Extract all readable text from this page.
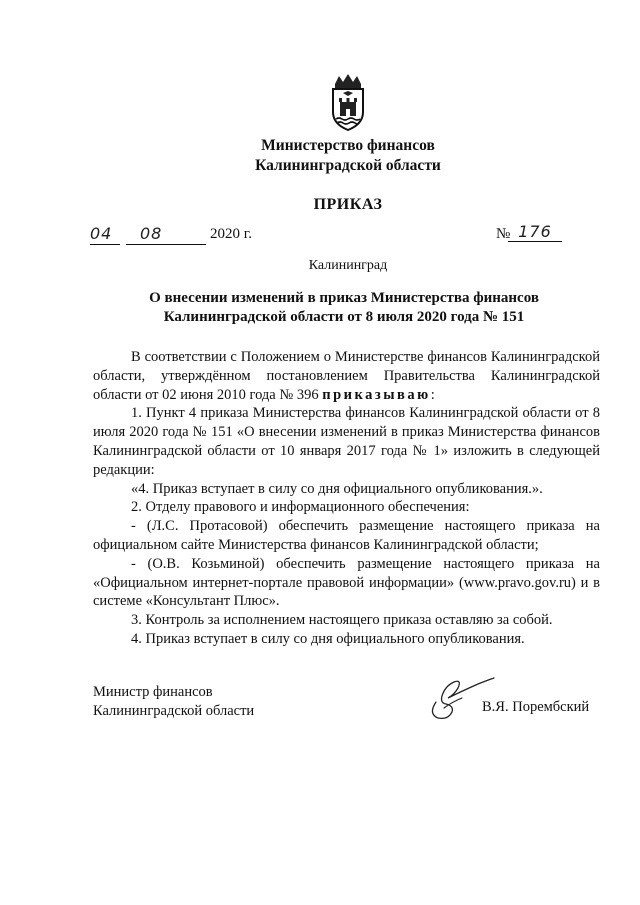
Министерство финансов
Калининградской области
ПРИКАЗ
04	08	2020 г.	№ 176
Калининград
О внесении изменений в приказ Министерства финансов
Калининградской области от 8 июля 2020 года № 151

В соответствии с Положением о Министерстве финансов Калининградской области, утверждённом постановлением Правительства Калининградской области от 02 июня 2010 года № 396 приказываю:

1. Пункт 4 приказа Министерства финансов Калининградской области от 8 июля 2020 года № 151 «О внесении изменений в приказ Министерства финансов Калининградской области от 10 января 2017 года № 1» изложить в следующей редакции:

«4. Приказ вступает в силу со дня официального опубликования.».

2. Отделу правового и информационного обеспечения:

- (Л.С. Протасовой) обеспечить размещение настоящего приказа на официальном сайте Министерства финансов Калининградской области;

- (О.В. Козьминой) обеспечить размещение настоящего приказа на «Официальном интернет-портале правовой информации» (www.pravo.gov.ru) и в системе «Консультант Плюс».

3. Контроль за исполнением настоящего приказа оставляю за собой.

4. Приказ вступает в силу со дня официального опубликования.

Министр финансов
Калининградской области	В.Я. Порембский
